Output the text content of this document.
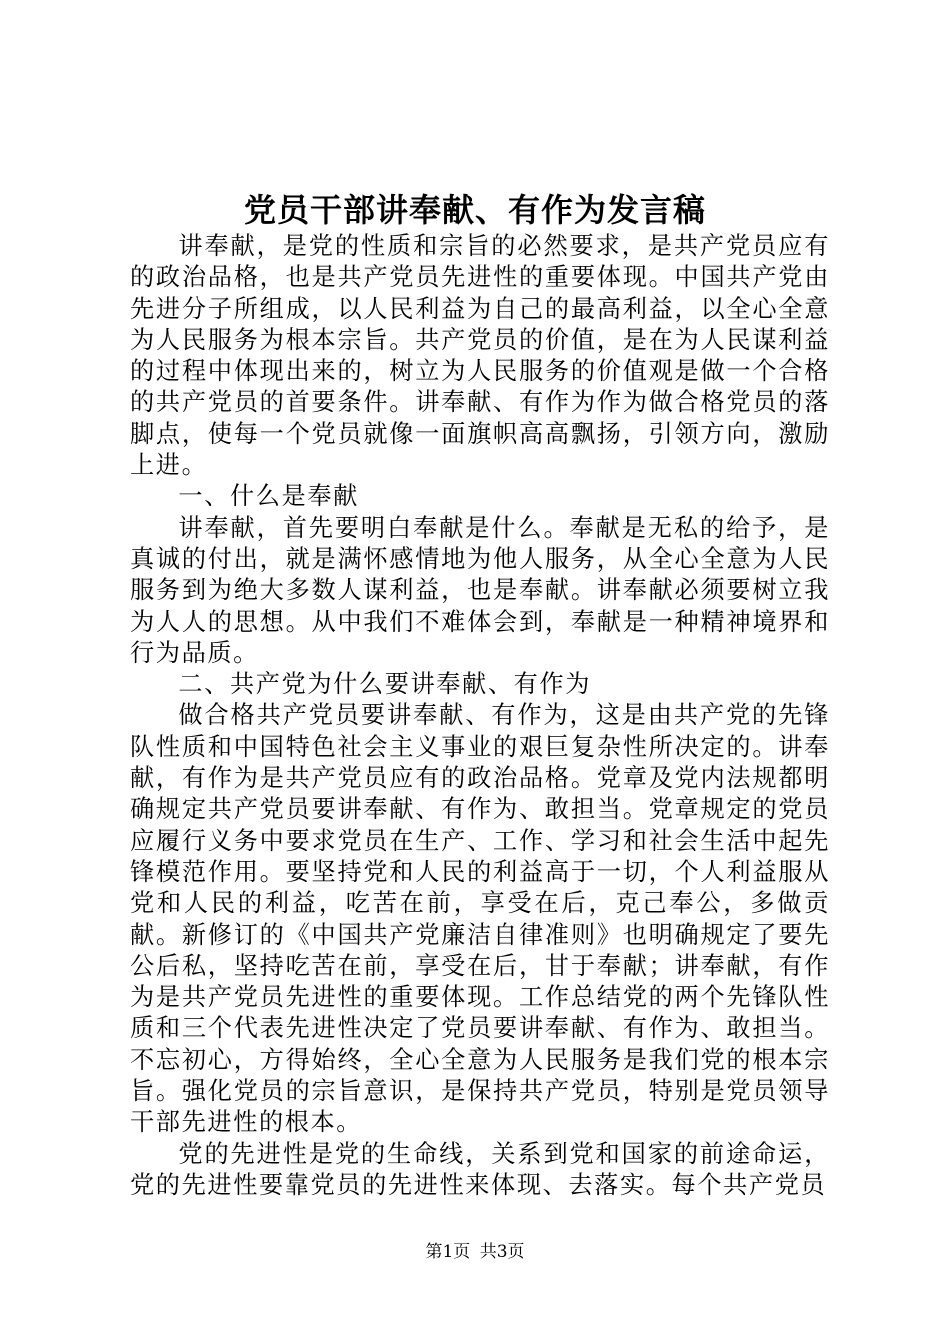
党员干部讲奉献、有作为发言稿

讲奉献，是党的性质和宗旨的必然要求，是共产党员应有的政治品格，也是共产党员先进性的重要体现。中国共产党由先进分子所组成，以人民利益为自己的最高利益，以全心全意为人民服务为根本宗旨。共产党员的价值，是在为人民谋利益的过程中体现出来的，树立为人民服务的价值观是做一个合格的共产党员的首要条件。讲奉献、有作为作为做合格党员的落脚点，使每一个党员就像一面旗帜高高飘扬，引领方向，激励上进。

一、什么是奉献

讲奉献，首先要明白奉献是什么。奉献是无私的给予，是真诚的付出，就是满怀感情地为他人服务，从全心全意为人民服务到为绝大多数人谋利益，也是奉献。讲奉献必须要树立我为人人的思想。从中我们不难体会到，奉献是一种精神境界和行为品质。

二、共产党为什么要讲奉献、有作为

做合格共产党员要讲奉献、有作为，这是由共产党的先锋队性质和中国特色社会主义事业的艰巨复杂性所决定的。讲奉献，有作为是共产党员应有的政治品格。党章及党内法规都明确规定共产党员要讲奉献、有作为、敢担当。党章规定的党员应履行义务中要求党员在生产、工作、学习和社会生活中起先锋模范作用。要坚持党和人民的利益高于一切，个人利益服从党和人民的利益，吃苦在前，享受在后，克己奉公，多做贡献。新修订的《中国共产党廉洁自律准则》也明确规定了要先公后私，坚持吃苦在前，享受在后，甘于奉献；讲奉献，有作为是共产党员先进性的重要体现。工作总结党的两个先锋队性质和三个代表先进性决定了党员要讲奉献、有作为、敢担当。不忘初心，方得始终，全心全意为人民服务是我们党的根本宗旨。强化党员的宗旨意识，是保持共产党员，特别是党员领导干部先进性的根本。

党的先进性是党的生命线，关系到党和国家的前途命运，党的先进性要靠党员的先进性来体现、去落实。每个共产党员

第1页 共3页
